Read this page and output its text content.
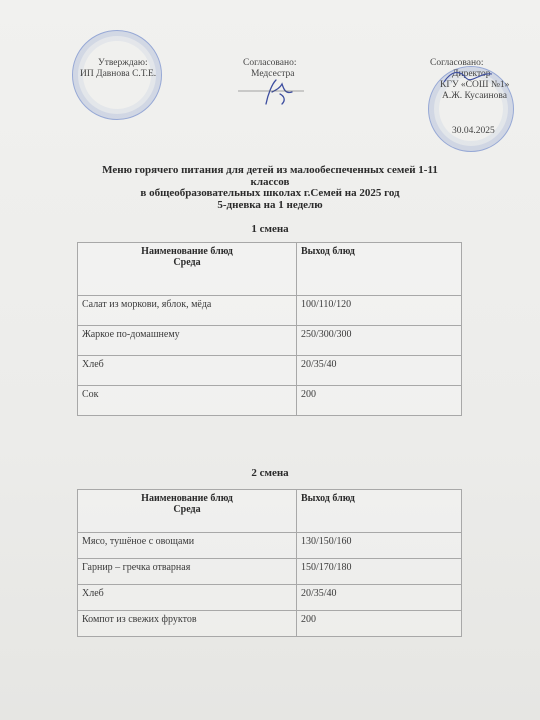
Утверждаю:
ИП Давнова С.Т.Е.
Согласовано:
Медсестра
Согласовано:
Директор
КГУ «СОШ №1»
А.Ж. Кусаинова
30.04.2025
Меню горячего питания для детей из малообеспеченных семей 1-11
классов
в общеобразовательных школах г.Семей на 2025 год
5-дневка на 1 неделю
1 смена
Наименование блюд
Среда	Выход блюд
Салат из моркови, яблок, мёда	100/110/120
Жаркое по-домашнему	250/300/300
Хлеб	20/35/40
Сок	200
2 смена
Наименование блюд
Среда	Выход блюд
Мясо, тушёное с овощами	130/150/160
Гарнир – гречка отварная	150/170/180
Хлеб	20/35/40
Компот из свежих фруктов	200
